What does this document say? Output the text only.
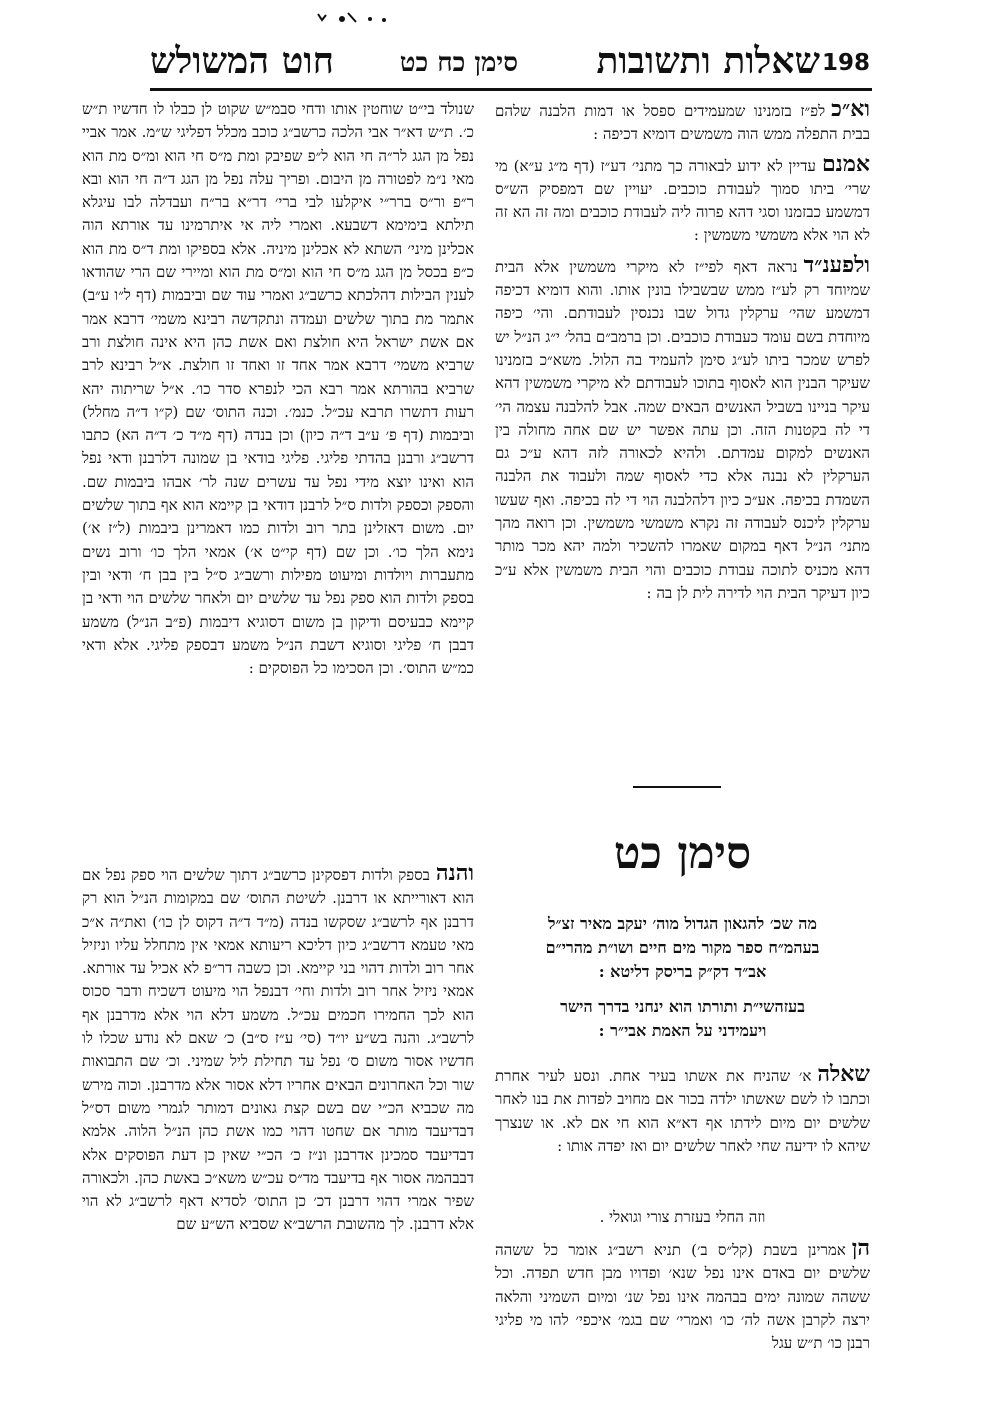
198
שאלות ותשובות
סימן כח כט
חוט המשולש

וא״כלפ״ז בזמנינו שמעמידים ספסל או דמות הלבנה שלהם בבית התפלה ממש הוה משמשים דומיא דכיפה :

אמנםעדיין לא ידוע לבאורה כך מתני׳ דע״ז (דף מ״ג ע״א) מי שרי׳ ביתו סמוך לעבודת כוכבים. יעויין שם דמפסיק הש״ס דמשמע כבזמנו וסגי דהא פרוה ליה לעבודת כוכבים ומה זה הא זה לא הוי אלא משמשי משמשין :

ולפענ״דנראה דאף לפי״ז לא מיקרי משמשין אלא הבית שמיוחד רק לע״ז ממש שבשבילו בונין אותו. והוא דומיא דכיפה דמשמע שהי׳ ערקלין גדול שבו נכנסין לעבודתם. והי׳ כיפה מיוחדת בשם עומד כעבודת כוכבים. וכן ברמב״ם בהל׳ י״ג הנ״ל יש לפרש שמכר ביתו לע״ג סימן להעמיד בה הלול. משא״כ בזמנינו שעיקר הבנין הוא לאסוף בתוכו לעבודתם לא מיקרי משמשין דהא עיקר בניינו בשביל האנשים הבאים שמה. אבל להלבנה עצמה הי׳ די לה בקטנות הזה. וכן עתה אפשר יש שם אחה מחולה בין האנשים למקום עמדתם. ולהיא לכאורה לזה דהא ע״כ גם הערקלין לא נבנה אלא כדי לאסוף שמה ולעבוד את הלבנה השמדת בכיפה. אע״כ כיון דלהלבנה הוי די לה בכיפה. ואף שעשו ערקלין ליכנס לעבודה זה נקרא משמשי משמשין. וכן רואה מהך מתני׳ הנ״ל דאף במקום שאמרו להשכיר ולמה יהא מכר מותר דהא מכניס לתוכה עבודת כוכבים והוי הבית משמשין אלא ע״כ כיון דעיקר הבית הוי לדירה לית לן בה :

סימן כט
מה שכ׳ להגאון הגדול מוה׳ יעקב מאיר זצ״ל
בעהמ״ח ספר מקור מים חיים ושו״ת מהרי״ם
אב״ד דק״ק בריסק דליטא :
בעזהשי״ת ותורתו הוא ינחני בדרך הישר
ויעמידני על האמת אבי״ר :
שאלהא׳ שהניח את אשתו בעיר אחת. ונסע לעיר אחרת וכתבו לו לשם שאשתו ילדה בכור אם מחויב לפדות את בנו לאחר שלשים יום מיום לידתו אף דא״א הוא חי אם לא. או שנצרך שיהא לו ידיעה שחי לאחר שלשים יום ואז יפדה אותו :
וזה החלי בעזרת צורי וגואלי .
הןאמרינן בשבת (קל״ס ב׳) תניא רשב״ג אומר כל ששהה שלשים יום באדם אינו נפל שנא׳ ופדויו מבן חדש תפדה. וכל ששהה שמונה ימים בבהמה אינו נפל שנ׳ ומיום השמיני והלאה ירצה לקרבן אשה לה׳ כו׳ ואמרי׳ שם בגמ׳ איכפי׳ להו מי פליגי רבנן כו׳ ת״ש עגל

שנולד בי״ט שוחטין אותו ודחי סבמ״ש שקוט לן כבלו לו חדשיו ת״ש כ׳. ת״ש דא״ר אבי הלכה כרשב״ג כוכב מכלל דפליגי ש״מ. אמר אביי נפל מן הגג לר״ה חי הוא ל״פ שפיבק ומת מ״ס חי הוא ומ״ס מת הוא מאי נ״מ לפטורה מן היבום. ופריך עלה נפל מן הגג ד״ה חי הוא ובא ר״פ ור״ס ברר״י איקלעו לבי ברי׳ דר״א בר״ח ועבדלה לבו עיגלא תילתא בימימא דשבעא. ואמרי ליה אי איתרמינו עד אורתא הוה אכלינן מיני׳ השתא לא אכלינן מיניה. אלא בספיקו ומת ד״ס מת הוא כ״פ בכסל מן הגג מ״ס חי הוא ומ״ס מת הוא ומיירי שם הרי שהודאו לענין הבילות דהלכתא כרשב״ג ואמרי עוד שם וביבמות (דף ל״ו ע״ב) אתמר מת בתוך שלשים ועמדה ונתקדשה רבינא משמי׳ דרבא אמר אם אשת ישראל היא חולצת ואם אשת כהן היא אינה חולצת ורב שרביא משמי׳ דרבא אמר אחד זו ואחד זו חולצת. א״ל רבינא לרב שרביא בהורתא אמר רבא הכי לנפרא סדר כו׳. א״ל שריתוה יהא רעות דתשרו תרבא עכ״ל. כנמ׳. וכנה התוס׳ שם (ק״ו ד״ה מחלל) וביבמות (דף פ׳ ע״ב ד״ה כיון) וכן בנדה (דף מ״ד כ׳ ד״ה הא) כתבו דרשב״ג ורבנן בהדתי פליגי. פליגי בודאי בן שמונה דלרבנן ודאי נפל הוא ואינו יוצא מידי נפל עד עשרים שנה לר׳ אבהו ביבמות שם. והספק וכספק ולדות ס״ל לרבנן דודאי בן קיימא הוא אף בתוך שלשים יום. משום דאזלינן בתר רוב ולדות כמו דאמרינן ביבמות (ל״ז א׳) נימא הלך כו׳. וכן שם (דף קי״ט א׳) אמאי הלך כו׳ ורוב נשים מתעברות ויולדות ומיעוט מפילות ורשב״ג ס״ל בין בבן ח׳ ודאי ובין בספק ולדות הוא ספק נפל עד שלשים יום ולאחר שלשים הוי ודאי בן קיימא כבעיסם ודיקון בן משום דסוגיא דיבמות (פ״ב הנ״ל) משמע דבבן ח׳ פליגי וסוגיא דשבת הנ״ל משמע דבספק פליגי. אלא ודאי כמ״ש התוס׳. וכן הסכימו כל הפוסקים :

והנהבספק ולדות דפסקינן כרשב״ג דתוך שלשים הוי ספק נפל אם הוא דאורייתא או דרבנן. לשיטת התוס׳ שם במקומות הנ״ל הוא רק דרבנן אף לרשב״ג שסקשו בנדה (מ״ד ד״ה דקוס לן כו׳) ואת״ה א״כ מאי טעמא דרשב״ג כיון דליכא ריעותא אמאי אין מתחלל עליו וניזיל אחר רוב ולדות דהוי בני קיימא. וכן כשבה דר״פ לא אכיל עד אורתא. אמאי ניזיל אחר רוב ולדות וחי׳ דבנפל הוי מיעוט דשכיח ודבר סכוס הוא לכך החמירו חכמים עכ״ל. משמע דלא הוי אלא מדרבנן אף לרשב״ג. והנה בש״ע יו״ד (סי׳ ע״ז ס״ב) כ׳ שאם לא נודע שכלו לו חדשיו אסור משום ס׳ נפל עד תחילת ליל שמיני. וכ׳ שם התבואות שור וכל האחרונים הבאים אחריו דלא אסור אלא מדרבנן. וכוה מירש מה שכביא הכ״י שם בשם קצת גאונים דמותר לגמרי משום דס״ל דבדיעבד מותר אם שחטו דהוי כמו אשת כהן הנ״ל הלוה. אלמא דבדיעבד סמכינן אדרבנן ונ״ז כ׳ הכ״י שאין כן דעת הפוסקים אלא דבבהמה אסור אף בדיעבד מד״ס עכ״ש משא״כ באשת כהן. ולכאורה שפיר אמרי דהוי דרבנן דכ׳ כן התוס׳ לסדיא דאף לרשב״ג לא הוי אלא דרבנן. לך מהשובת הרשב״א שסביא הש״ע שם
